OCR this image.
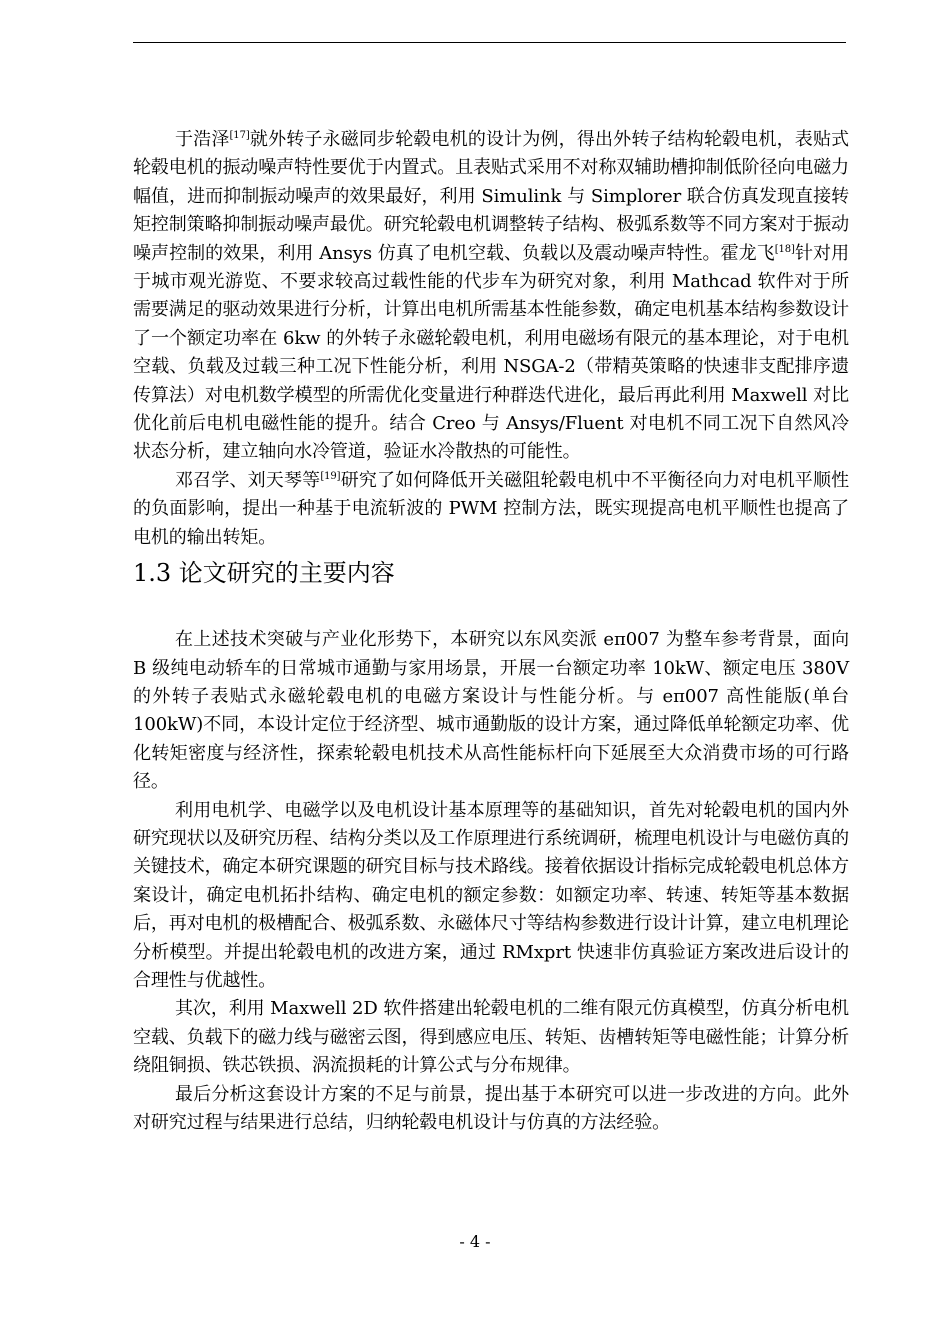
于浩泽[17]就外转子永磁同步轮毂电机的设计为例，得出外转子结构轮毂电机，表贴式轮毂电机的振动噪声特性要优于内置式。且表贴式采用不对称双辅助槽抑制低阶径向电磁力幅值，进而抑制振动噪声的效果最好，利用 Simulink 与 Simplorer 联合仿真发现直接转矩控制策略抑制振动噪声最优。研究轮毂电机调整转子结构、极弧系数等不同方案对于振动噪声控制的效果，利用 Ansys 仿真了电机空载、负载以及震动噪声特性。霍龙飞[18]针对用于城市观光游览、不要求较高过载性能的代步车为研究对象，利用 Mathcad 软件对于所需要满足的驱动效果进行分析，计算出电机所需基本性能参数，确定电机基本结构参数设计了一个额定功率在 6kw 的外转子永磁轮毂电机，利用电磁场有限元的基本理论，对于电机空载、负载及过载三种工况下性能分析，利用 NSGA-2（带精英策略的快速非支配排序遗传算法）对电机数学模型的所需优化变量进行种群迭代进化，最后再此利用 Maxwell 对比优化前后电机电磁性能的提升。结合 Creo 与 Ansys/Fluent 对电机不同工况下自然风冷状态分析，建立轴向水冷管道，验证水冷散热的可能性。

邓召学、刘天琴等[19]研究了如何降低开关磁阻轮毂电机中不平衡径向力对电机平顺性的负面影响，提出一种基于电流斩波的 PWM 控制方法，既实现提高电机平顺性也提高了电机的输出转矩。

1.3 论文研究的主要内容

在上述技术突破与产业化形势下，本研究以东风奕派 eπ007 为整车参考背景，面向 B 级纯电动轿车的日常城市通勤与家用场景，开展一台额定功率 10kW、额定电压 380V 的外转子表贴式永磁轮毂电机的电磁方案设计与性能分析。与 eπ007 高性能版(单台 100kW)不同，本设计定位于经济型、城市通勤版的设计方案，通过降低单轮额定功率、优化转矩密度与经济性，探索轮毂电机技术从高性能标杆向下延展至大众消费市场的可行路径。

利用电机学、电磁学以及电机设计基本原理等的基础知识，首先对轮毂电机的国内外研究现状以及研究历程、结构分类以及工作原理进行系统调研，梳理电机设计与电磁仿真的关键技术，确定本研究课题的研究目标与技术路线。接着依据设计指标完成轮毂电机总体方案设计，确定电机拓扑结构、确定电机的额定参数：如额定功率、转速、转矩等基本数据后，再对电机的极槽配合、极弧系数、永磁体尺寸等结构参数进行设计计算，建立电机理论分析模型。并提出轮毂电机的改进方案，通过 RMxprt 快速非仿真验证方案改进后设计的合理性与优越性。

其次，利用 Maxwell 2D 软件搭建出轮毂电机的二维有限元仿真模型，仿真分析电机空载、负载下的磁力线与磁密云图，得到感应电压、转矩、齿槽转矩等电磁性能；计算分析绕阻铜损、铁芯铁损、涡流损耗的计算公式与分布规律。

最后分析这套设计方案的不足与前景，提出基于本研究可以进一步改进的方向。此外对研究过程与结果进行总结，归纳轮毂电机设计与仿真的方法经验。

- 4 -
